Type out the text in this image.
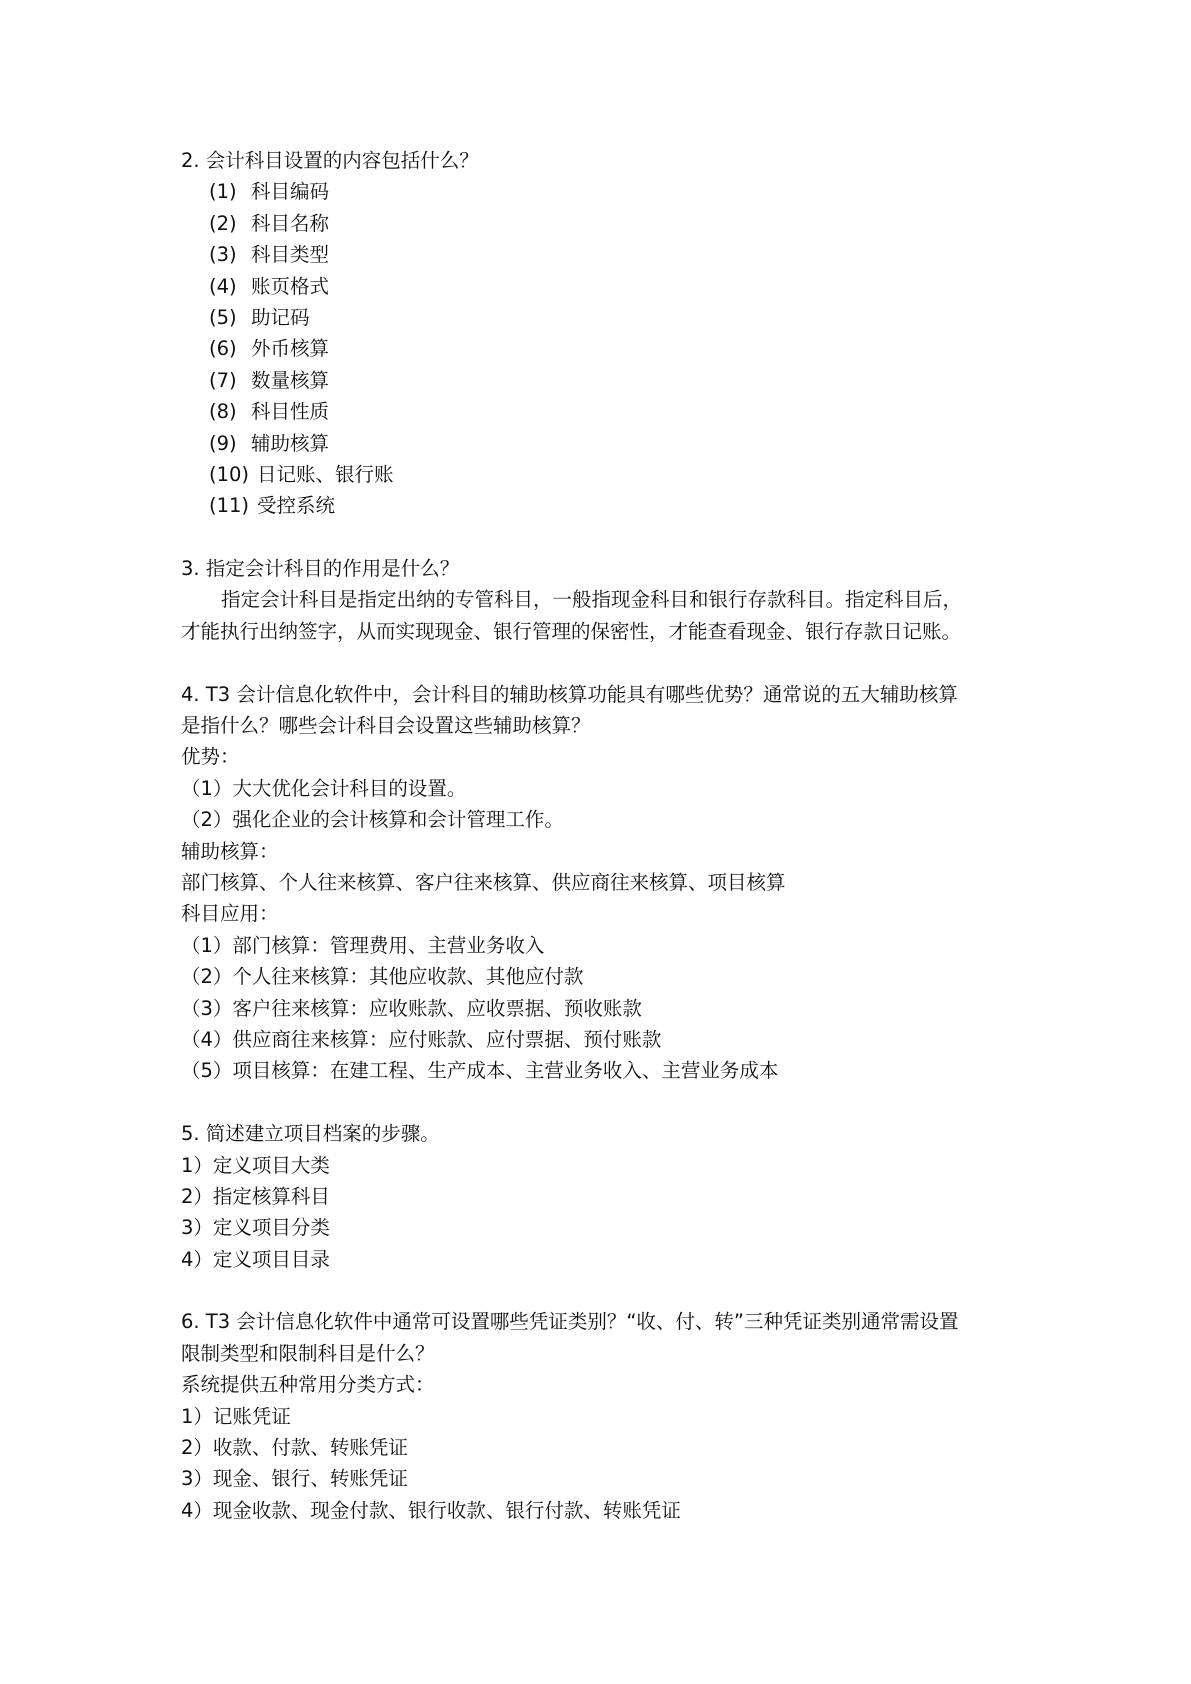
2. 会计科目设置的内容包括什么？
(1) 科目编码
(2) 科目名称
(3) 科目类型
(4) 账页格式
(5) 助记码
(6) 外币核算
(7) 数量核算
(8) 科目性质
(9) 辅助核算
(10) 日记账、银行账
(11) 受控系统
3. 指定会计科目的作用是什么？
指定会计科目是指定出纳的专管科目，一般指现金科目和银行存款科目。指定科目后，
才能执行出纳签字，从而实现现金、银行管理的保密性，才能查看现金、银行存款日记账。
4. T3 会计信息化软件中，会计科目的辅助核算功能具有哪些优势？通常说的五大辅助核算
是指什么？哪些会计科目会设置这些辅助核算？
优势：
（1）大大优化会计科目的设置。
（2）强化企业的会计核算和会计管理工作。
辅助核算：
部门核算、个人往来核算、客户往来核算、供应商往来核算、项目核算
科目应用：
（1）部门核算：管理费用、主营业务收入
（2）个人往来核算：其他应收款、其他应付款
（3）客户往来核算：应收账款、应收票据、预收账款
（4）供应商往来核算：应付账款、应付票据、预付账款
（5）项目核算：在建工程、生产成本、主营业务收入、主营业务成本
5. 简述建立项目档案的步骤。
1）定义项目大类
2）指定核算科目
3）定义项目分类
4）定义项目目录
6. T3 会计信息化软件中通常可设置哪些凭证类别？“收、付、转”三种凭证类别通常需设置
限制类型和限制科目是什么？
系统提供五种常用分类方式：
1）记账凭证
2）收款、付款、转账凭证
3）现金、银行、转账凭证
4）现金收款、现金付款、银行收款、银行付款、转账凭证
